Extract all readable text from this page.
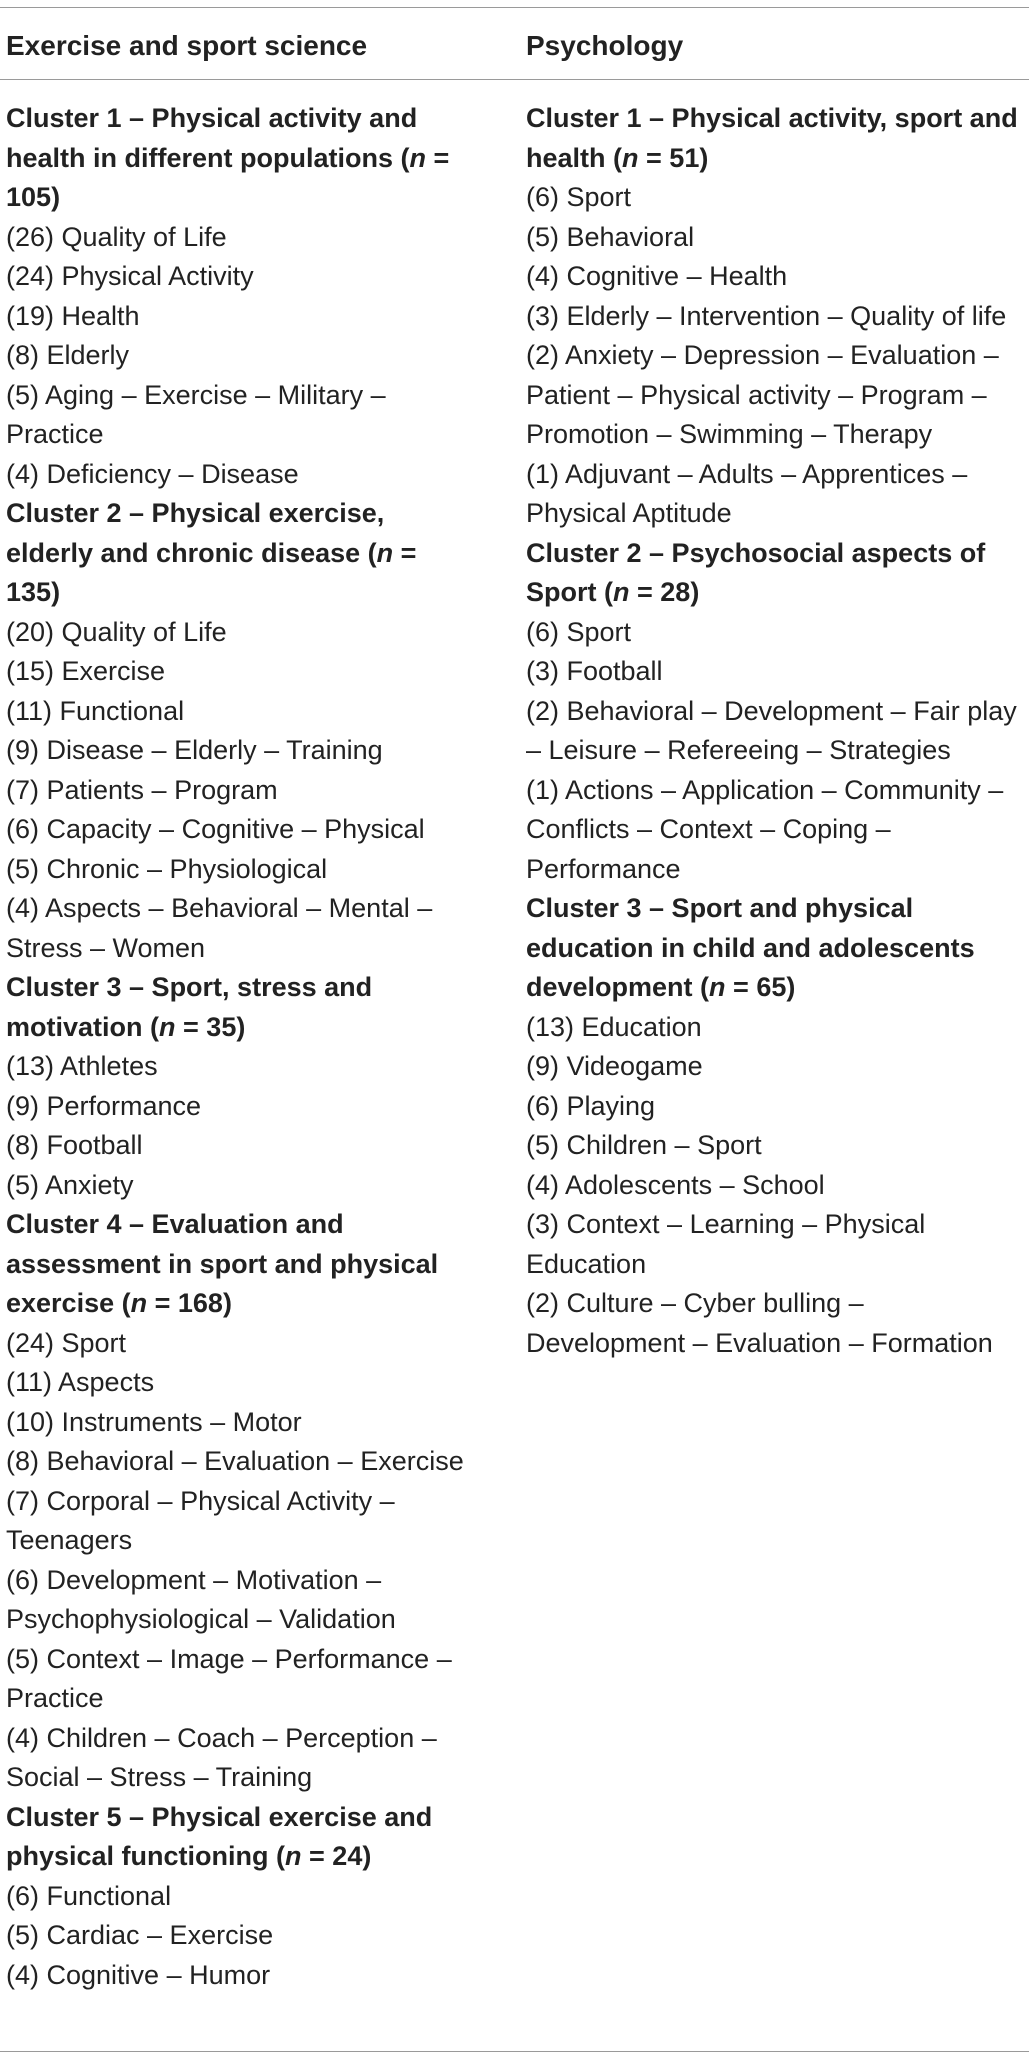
Exercise and sport science	Psychology
Cluster 1 – Physical activity and health in different populations (n = 105)
(26) Quality of Life
(24) Physical Activity
(19) Health
(8) Elderly
(5) Aging – Exercise – Military – Practice
(4) Deficiency – Disease
Cluster 2 – Physical exercise, elderly and chronic disease (n = 135)
(20) Quality of Life
(15) Exercise
(11) Functional
(9) Disease – Elderly – Training
(7) Patients – Program
(6) Capacity – Cognitive – Physical
(5) Chronic – Physiological
(4) Aspects – Behavioral – Mental – Stress – Women
Cluster 3 – Sport, stress and motivation (n = 35)
(13) Athletes
(9) Performance
(8) Football
(5) Anxiety
Cluster 4 – Evaluation and assessment in sport and physical exercise (n = 168)
(24) Sport
(11) Aspects
(10) Instruments – Motor
(8) Behavioral – Evaluation – Exercise
(7) Corporal – Physical Activity – Teenagers
(6) Development – Motivation – Psychophysiological – Validation
(5) Context – Image – Performance – Practice
(4) Children – Coach – Perception – Social – Stress – Training
Cluster 5 – Physical exercise and physical functioning (n = 24)
(6) Functional
(5) Cardiac – Exercise
(4) Cognitive – Humor
Cluster 1 – Physical activity, sport and health (n = 51)
(6) Sport
(5) Behavioral
(4) Cognitive – Health
(3) Elderly – Intervention – Quality of life
(2) Anxiety – Depression – Evaluation –Patient – Physical activity – Program – Promotion – Swimming – Therapy
(1) Adjuvant – Adults – Apprentices – Physical Aptitude
Cluster 2 – Psychosocial aspects of Sport (n = 28)
(6) Sport
(3) Football
(2) Behavioral – Development – Fair play – Leisure – Refereeing – Strategies
(1) Actions – Application – Community – Conflicts – Context – Coping – Performance
Cluster 3 – Sport and physical education in child and adolescents development (n = 65)
(13) Education
(9) Videogame
(6) Playing
(5) Children – Sport
(4) Adolescents – School
(3) Context – Learning – Physical Education
(2) Culture – Cyber bulling – Development – Evaluation – Formation
